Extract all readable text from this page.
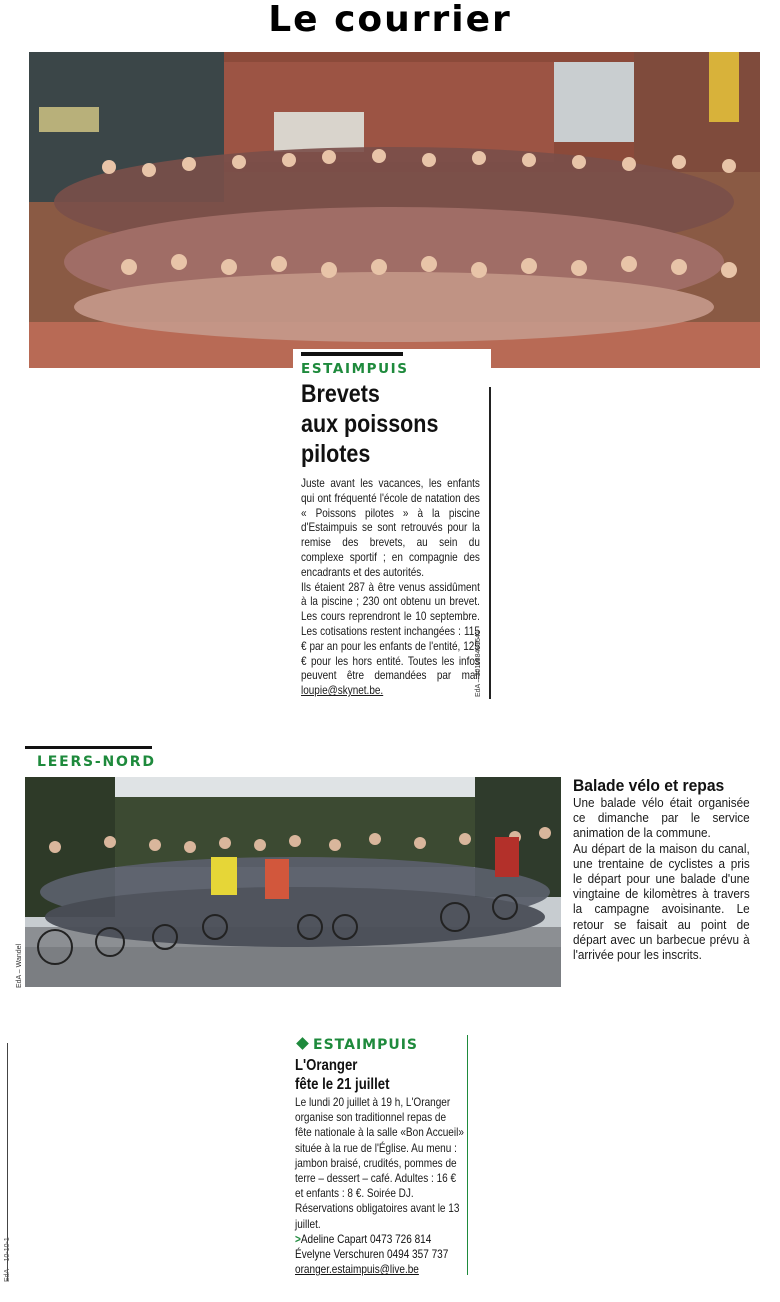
Le courrier
ESTAIMPUIS
Brevets
aux poissons
pilotes

Juste avant les vacances, les enfants qui ont fréquenté l'école de natation des « Poissons pilotes » à la piscine d'Estaimpuis se sont retrouvés pour la remise des brevets, au sein du complexe sportif ; en compagnie des encadrants et des autorités.

Ils étaient 287 à être venus assidûment à la piscine ; 230 ont obtenu un brevet. Les cours reprendront le 10 septembre. Les cotisations restent inchangées : 115 € par an pour les enfants de l'entité, 125 € pour les hors entité. Toutes les infos peuvent être demandées par mail loupie@skynet.be.	EdA – 301188481541
LEERS-NORD
EdA – Wandel
Balade vélo et repas

Une balade vélo était organisée ce dimanche par le service animation de la commune.

Au départ de la maison du canal, une trentaine de cyclistes a pris le départ pour une balade d'une vingtaine de kilomètres à travers la campagne avoisinante. Le retour se faisait au point de départ avec un barbecue prévu à l'arrivée pour les inscrits.

EdA – 10-10-1
ESTAIMPUIS
L'Oranger
fête le 21 juillet

Le lundi 20 juillet à 19 h, L'Oranger organise son traditionnel repas de fête nationale à la salle «Bon Accueil» située à la rue de l'Église. Au menu : jambon braisé, crudités, pommes de terre – dessert – café. Adultes : 16 € et enfants : 8 €. Soirée DJ. Réservations obligatoires avant le 13 juillet.

>Adeline Capart 0473 726 814 Évelyne Verschuren 0494 357 737 oranger.estaimpuis@live.be
